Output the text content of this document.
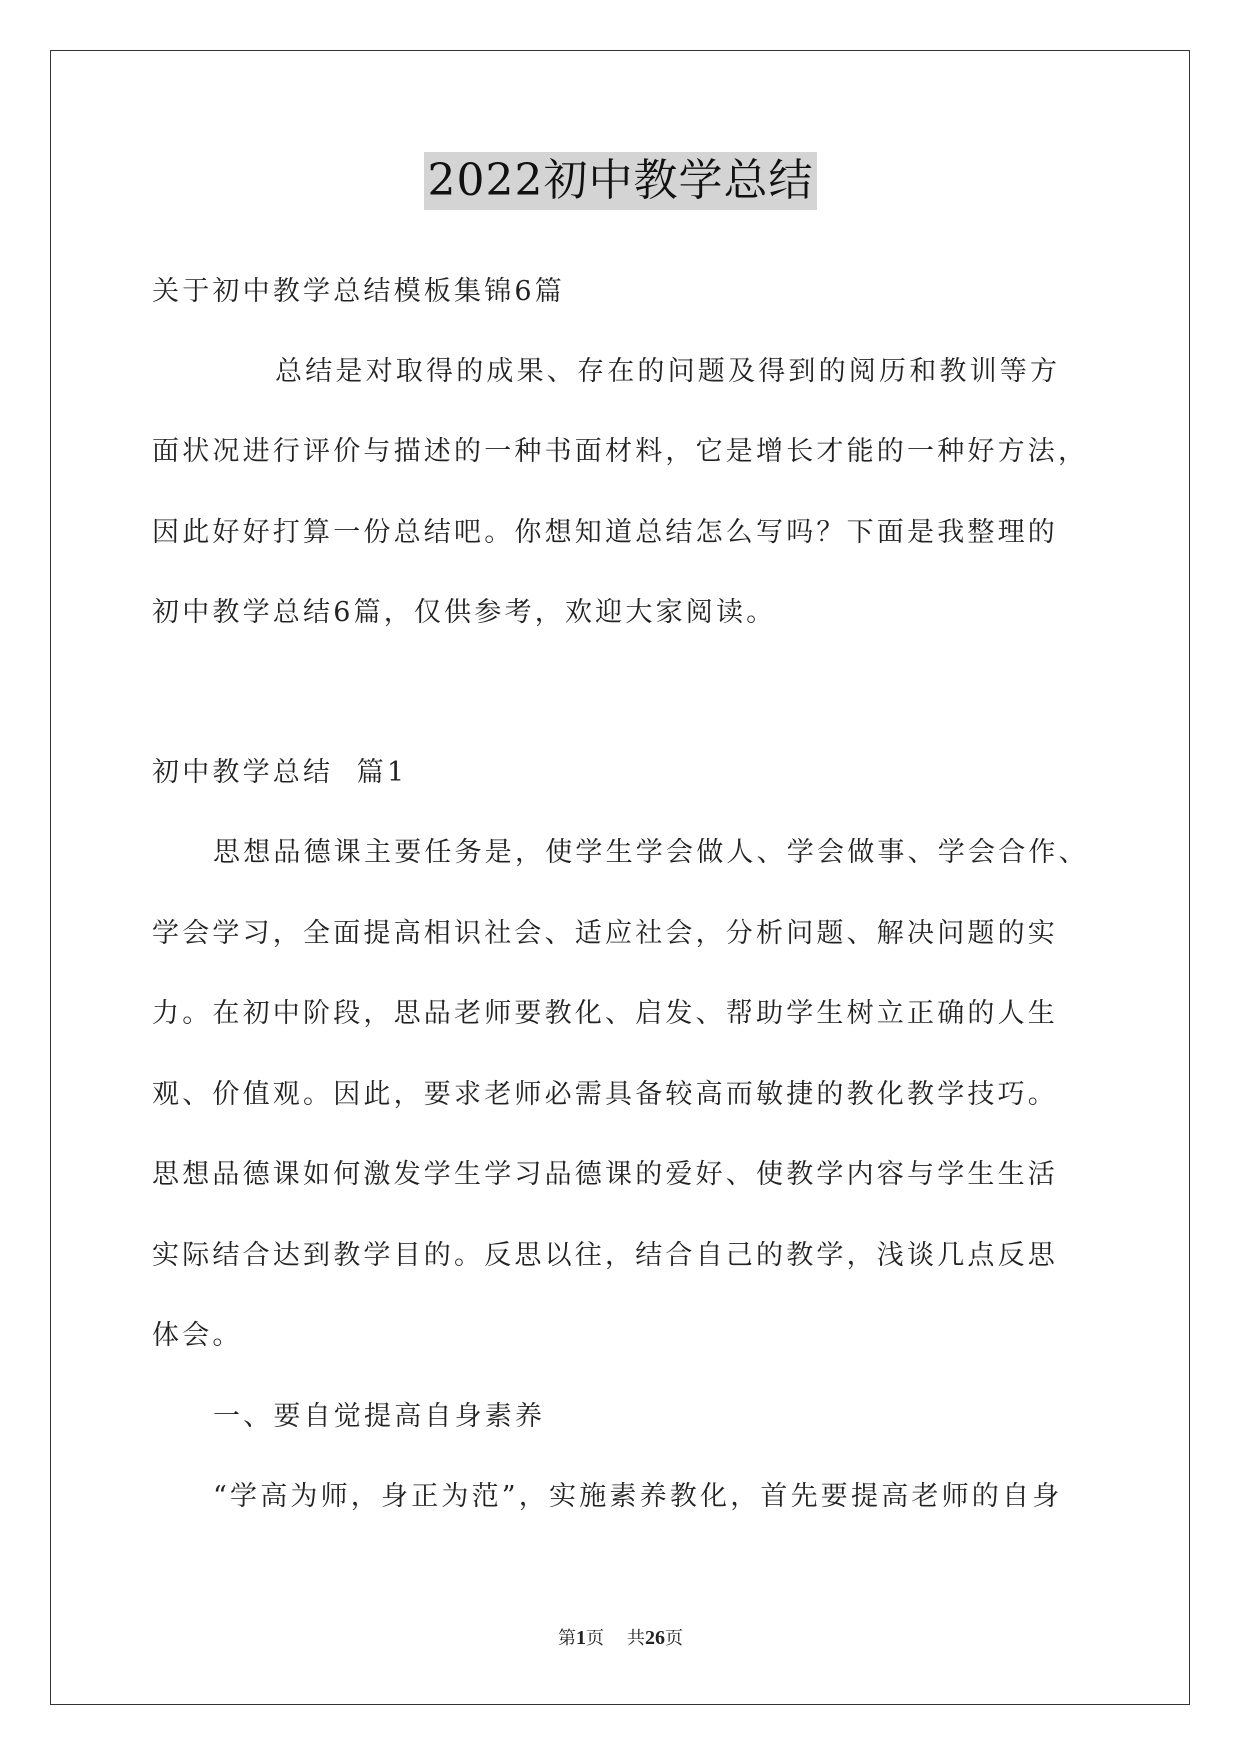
2022初中教学总结
关于初中教学总结模板集锦6篇
总结是对取得的成果、存在的问题及得到的阅历和教训等方
面状况进行评价与描述的一种书面材料，它是增长才能的一种好方法，
因此好好打算一份总结吧。你想知道总结怎么写吗？下面是我整理的
初中教学总结6篇，仅供参考，欢迎大家阅读。
初中教学总结  篇1
思想品德课主要任务是，使学生学会做人、学会做事、学会合作、
学会学习，全面提高相识社会、适应社会，分析问题、解决问题的实
力。在初中阶段，思品老师要教化、启发、帮助学生树立正确的人生
观、价值观。因此，要求老师必需具备较高而敏捷的教化教学技巧。
思想品德课如何激发学生学习品德课的爱好、使教学内容与学生生活
实际结合达到教学目的。反思以往，结合自己的教学，浅谈几点反思
体会。
一、要自觉提高自身素养
“学高为师，身正为范”，实施素养教化，首先要提高老师的自身
第1页    共26页
